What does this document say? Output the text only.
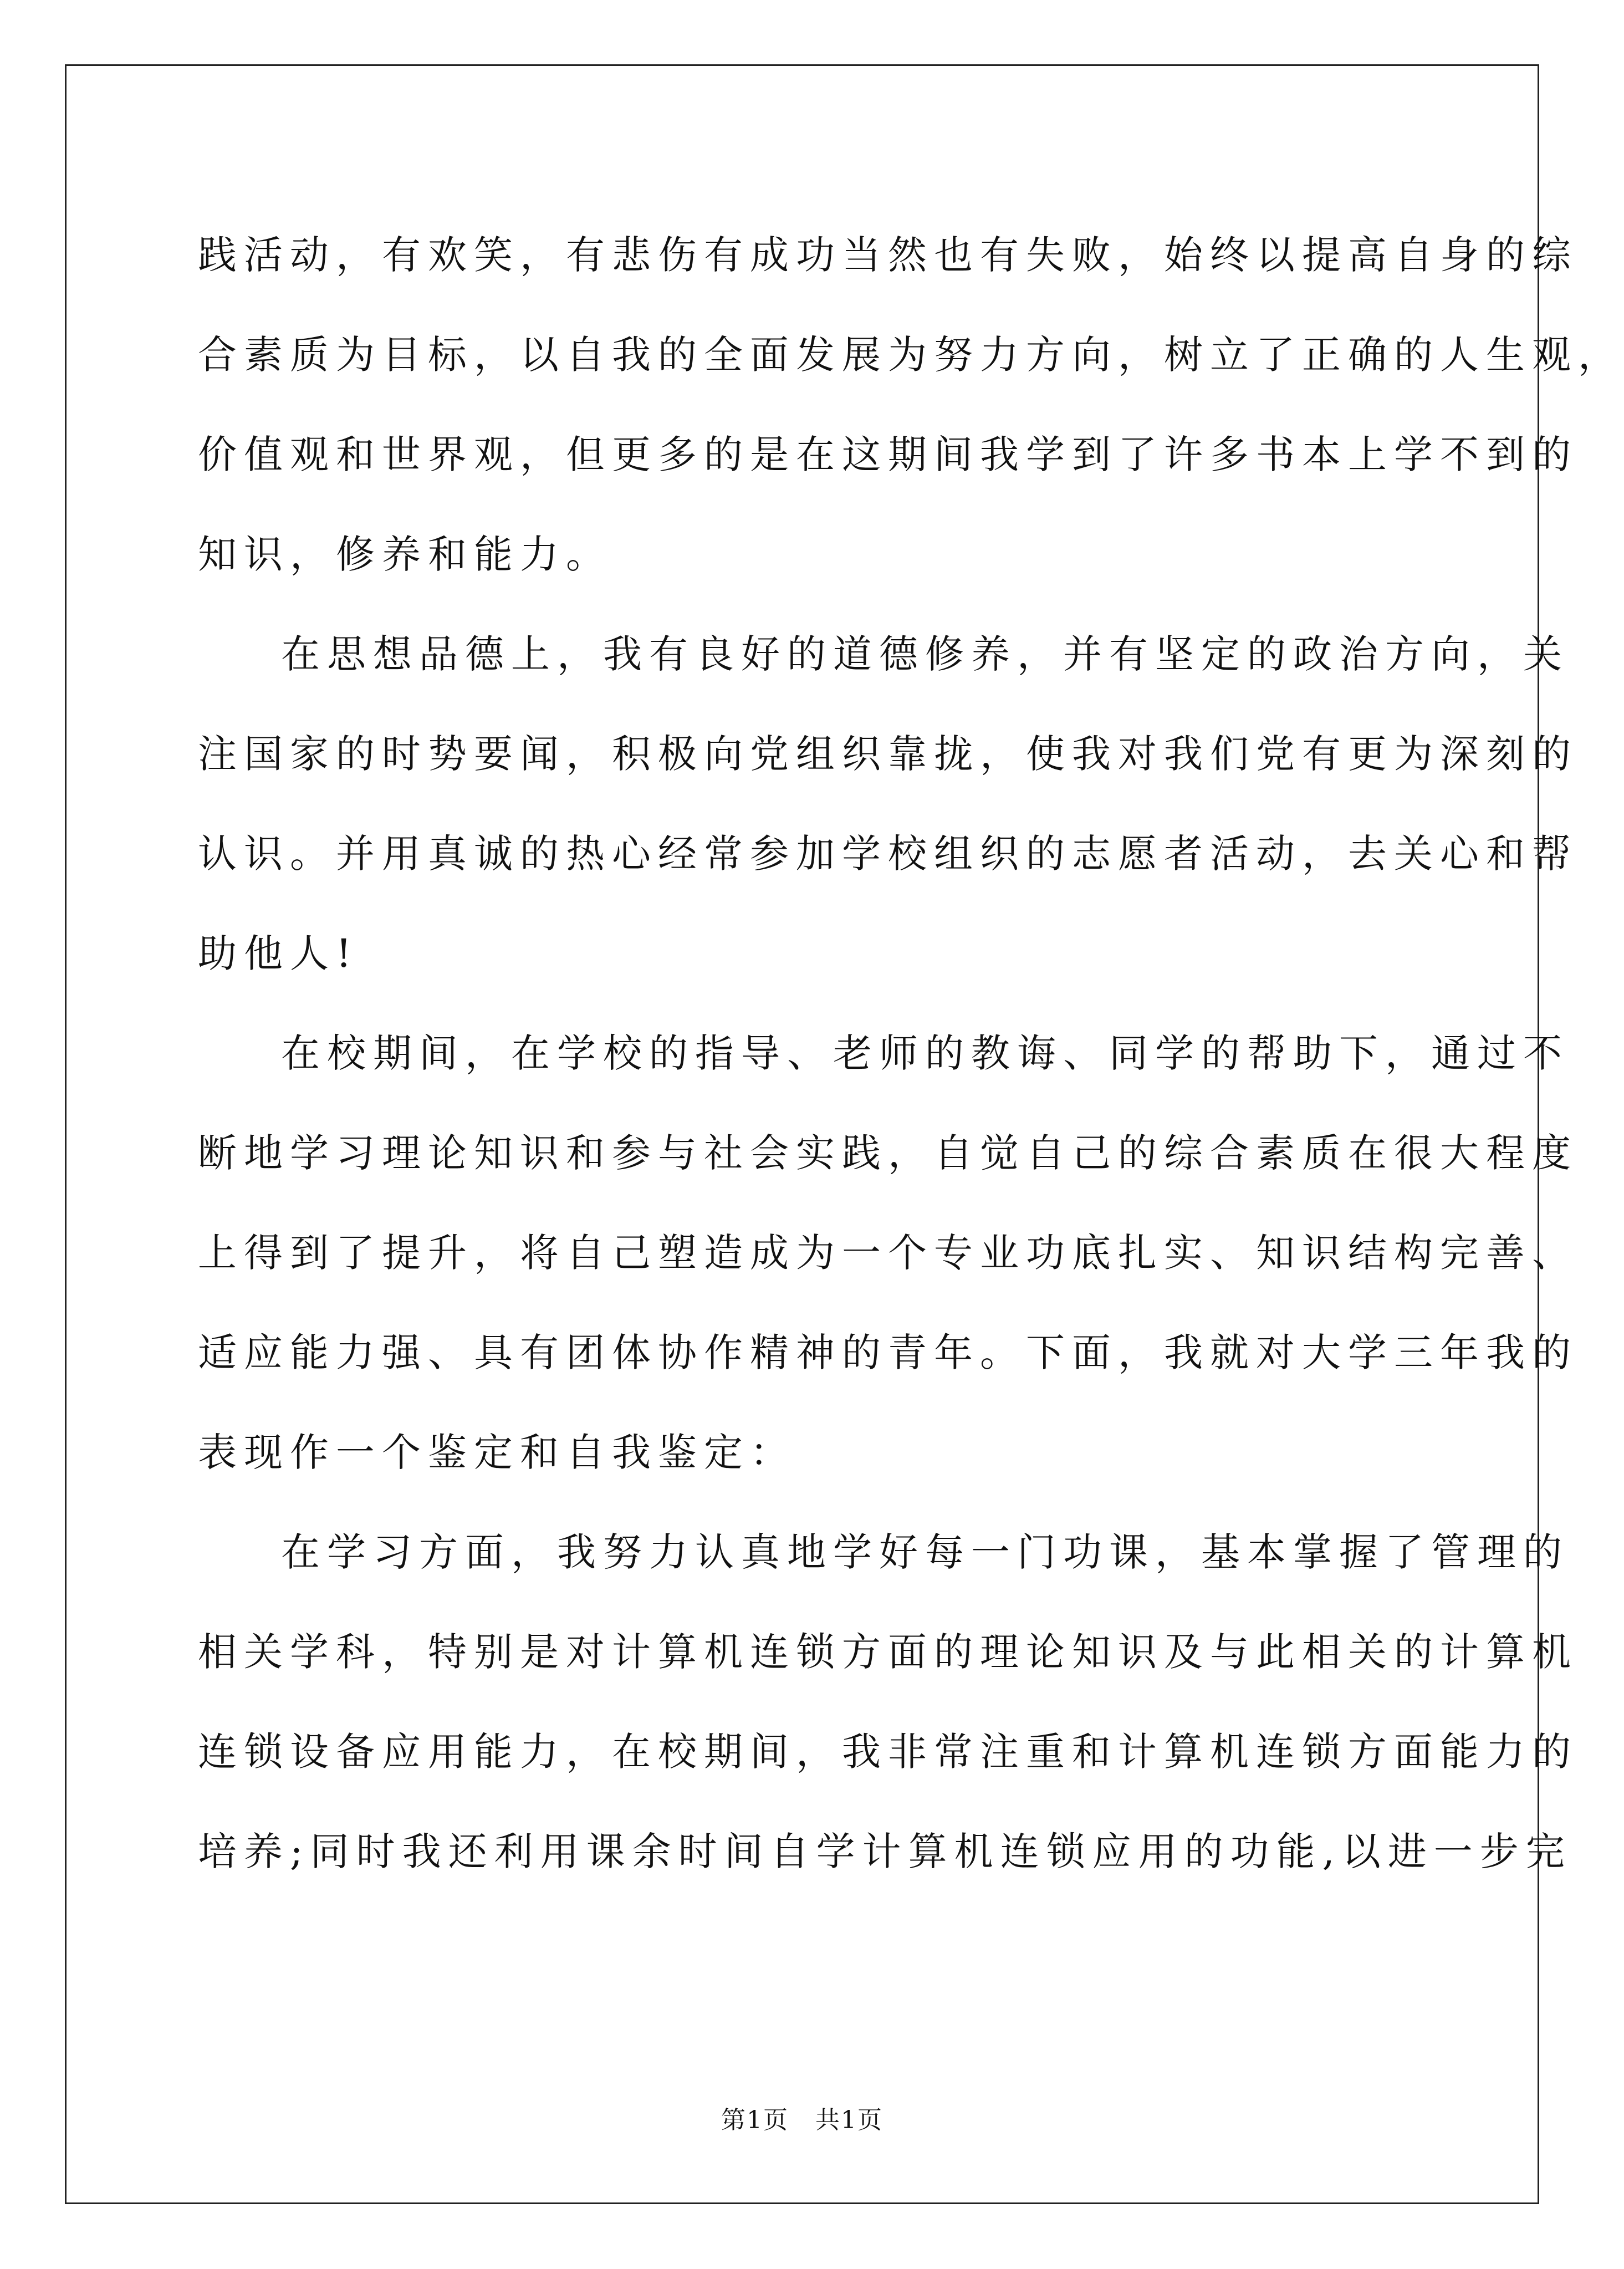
践活动，有欢笑，有悲伤有成功当然也有失败，始终以提高自身的综
合素质为目标，以自我的全面发展为努力方向，树立了正确的人生观，
价值观和世界观，但更多的是在这期间我学到了许多书本上学不到的
知识，修养和能力。
在思想品德上，我有良好的道德修养，并有坚定的政治方向，关
注国家的时势要闻，积极向党组织靠拢，使我对我们党有更为深刻的
认识。并用真诚的热心经常参加学校组织的志愿者活动，去关心和帮
助他人!
在校期间，在学校的指导、老师的教诲、同学的帮助下，通过不
断地学习理论知识和参与社会实践，自觉自己的综合素质在很大程度
上得到了提升，将自己塑造成为一个专业功底扎实、知识结构完善、
适应能力强、具有团体协作精神的青年。下面，我就对大学三年我的
表现作一个鉴定和自我鉴定：
在学习方面，我努力认真地学好每一门功课，基本掌握了管理的
相关学科，特别是对计算机连锁方面的理论知识及与此相关的计算机
连锁设备应用能力，在校期间，我非常注重和计算机连锁方面能力的
培养;同时我还利用课余时间自学计算机连锁应用的功能,以进一步完
第1页   共1页
